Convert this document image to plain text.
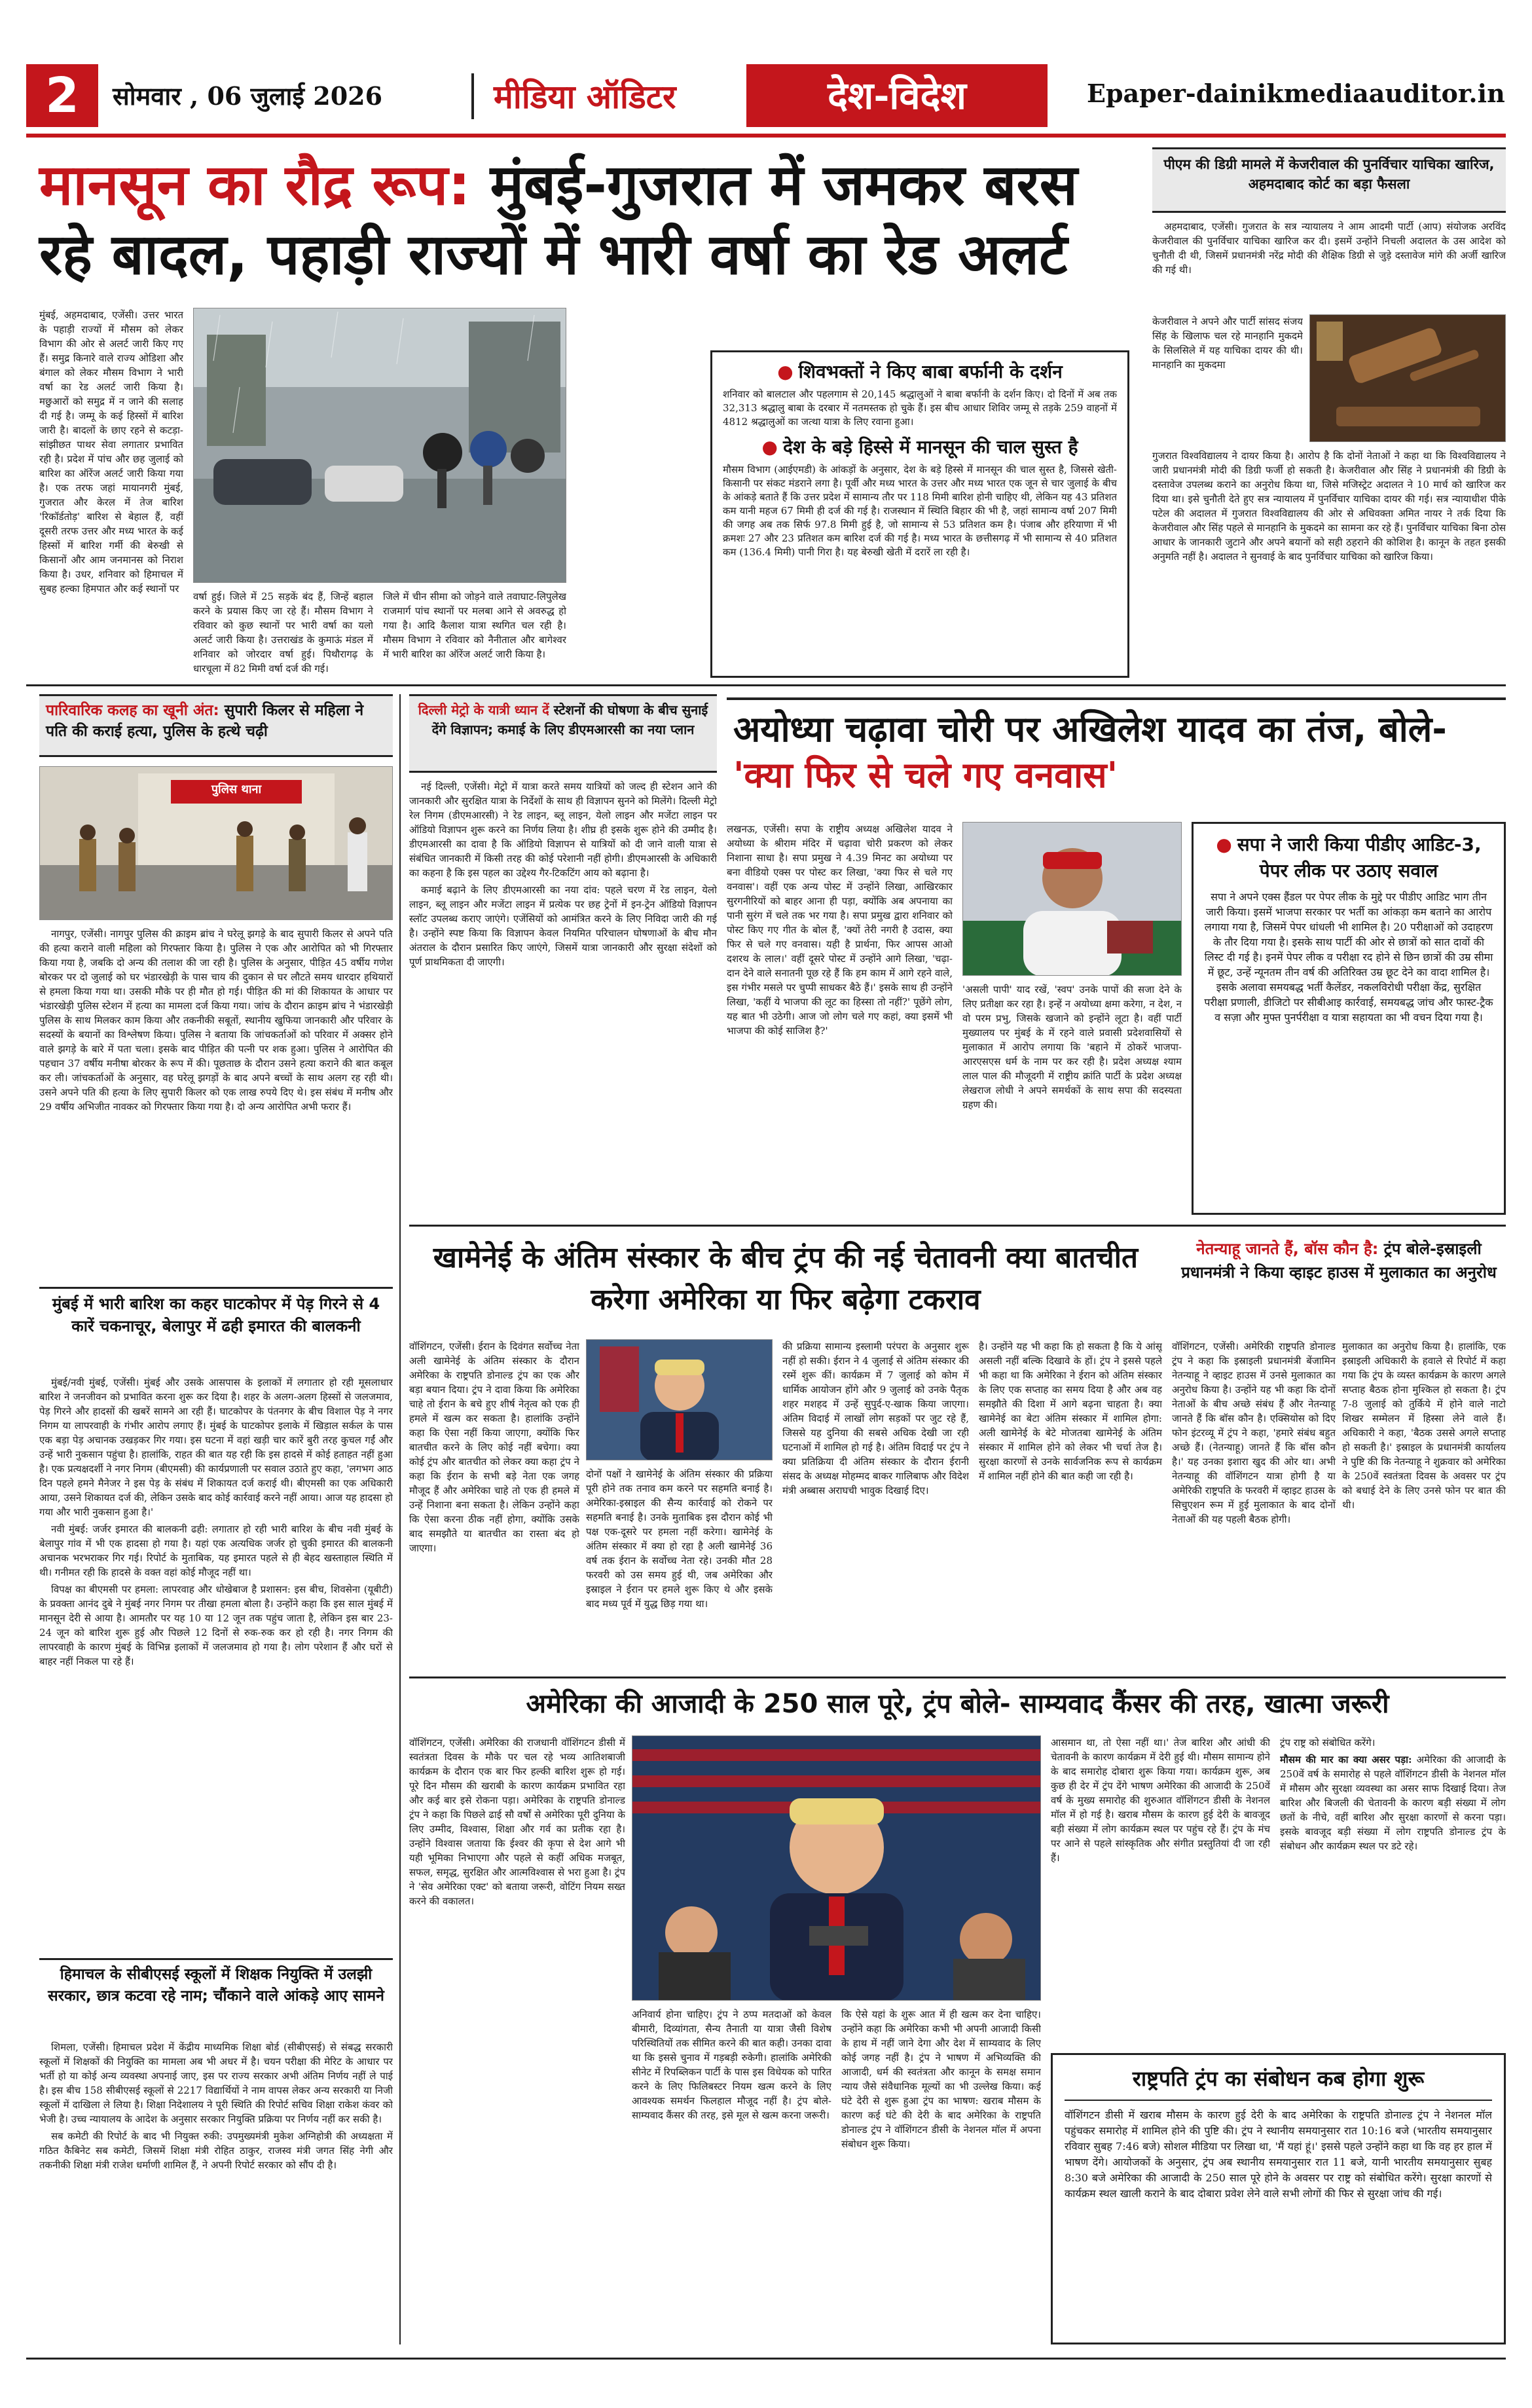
2	सोमवार , 06 जुलाई 2026	मीडिया ऑडिटर	देश-विदेश	Epaper-dainikmediaauditor.in
मानसून का रौद्र रूप: मुंबई-गुजरात में जमकर बरस रहे बादल, पहाड़ी राज्यों में भारी वर्षा का रेड अलर्ट

मुंबई, अहमदाबाद, एजेंसी। उत्तर भारत के पहाड़ी राज्यों में मौसम को लेकर विभाग की ओर से अलर्ट जारी किए गए हैं। समुद्र किनारे वाले राज्य ओडिशा और बंगाल को लेकर मौसम विभाग ने भारी वर्षा का रेड अलर्ट जारी किया है। मछुआरों को समुद्र में न जाने की सलाह दी गई है। जम्मू के कई हिस्सों में बारिश जारी है। बादलों के छाए रहने से कटड़ा-सांझीछत पाथर सेवा लगातार प्रभावित रही है। प्रदेश में पांच और छह जुलाई को बारिश का ऑरेंज अलर्ट जारी किया गया है। एक तरफ जहां मायानगरी मुंबई, गुजरात और केरल में तेज बारिश 'रिकॉर्डतोड़' बारिश से बेहाल हैं, वहीं दूसरी तरफ उत्तर और मध्य भारत के कई हिस्सों में बारिश गर्मी की बेरुखी से किसानों और आम जनमानस को निराश किया है। उधर, शनिवार को हिमाचल में सुबह हल्का हिमपात और कई स्थानों पर

वर्षा हुई। जिले में 25 सड़कें बंद हैं, जिन्हें बहाल करने के प्रयास किए जा रहे हैं। मौसम विभाग ने रविवार को कुछ स्थानों पर भारी वर्षा का यलो अलर्ट जारी किया है। उत्तराखंड के कुमाऊं मंडल में शनिवार को जोरदार वर्षा हुई। पिथौरागढ़ के धारचूला में 82 मिमी वर्षा दर्ज की गई।

जिले में चीन सीमा को जोड़ने वाले तवाघाट-लिपुलेख राजमार्ग पांच स्थानों पर मलबा आने से अवरुद्ध हो गया है। आदि कैलाश यात्रा स्थगित चल रही है। मौसम विभाग ने रविवार को नैनीताल और बागेश्वर में भारी बारिश का ऑरेंज अलर्ट जारी किया है।

● शिवभक्तों ने किए बाबा बर्फानी के दर्शन
शनिवार को बालटाल और पहलगाम से 20,145 श्रद्धालुओं ने बाबा बर्फानी के दर्शन किए। दो दिनों में अब तक 32,313 श्रद्धालु बाबा के दरबार में नतमस्तक हो चुके हैं। इस बीच आधार शिविर जम्मू से तड़के 259 वाहनों में 4812 श्रद्धालुओं का जत्था यात्रा के लिए रवाना हुआ।
● देश के बड़े हिस्से में मानसून की चाल सुस्त है
मौसम विभाग (आईएमडी) के आंकड़ों के अनुसार, देश के बड़े हिस्से में मानसून की चाल सुस्त है, जिससे खेती-किसानी पर संकट मंडराने लगा है। पूर्वी और मध्य भारत के उत्तर और मध्य भारत एक जून से चार जुलाई के बीच के आंकड़े बताते हैं कि उत्तर प्रदेश में सामान्य तौर पर 118 मिमी बारिश होनी चाहिए थी, लेकिन यह 43 प्रतिशत कम यानी महज 67 मिमी ही दर्ज की गई है। राजस्थान में स्थिति बिहार की भी है, जहां सामान्य वर्षा 207 मिमी की जगह अब तक सिर्फ 97.8 मिमी हुई है, जो सामान्य से 53 प्रतिशत कम है। पंजाब और हरियाणा में भी क्रमशः 27 और 23 प्रतिशत कम बारिश दर्ज की गई है। मध्य भारत के छत्तीसगढ़ में भी सामान्य से 40 प्रतिशत कम (136.4 मिमी) पानी गिरा है। यह बेरुखी खेती में दरारें ला रही है।
पीएम की डिग्री मामले में केजरीवाल की पुनर्विचार याचिका खारिज, अहमदाबाद कोर्ट का बड़ा फैसला

अहमदाबाद, एजेंसी। गुजरात के सत्र न्यायालय ने आम आदमी पार्टी (आप) संयोजक अरविंद केजरीवाल की पुनर्विचार याचिका खारिज कर दी। इसमें उन्होंने निचली अदालत के उस आदेश को चुनौती दी थी, जिसमें प्रधानमंत्री नरेंद्र मोदी की शैक्षिक डिग्री से जुड़े दस्तावेज मांगे की अर्जी खारिज की गई थी।

केजरीवाल ने अपने और पार्टी सांसद संजय सिंह के खिलाफ चल रहे मानहानि मुकदमे के सिलसिले में यह याचिका दायर की थी। मानहानि का मुकदमा

गुजरात विश्वविद्यालय ने दायर किया है। आरोप है कि दोनों नेताओं ने कहा था कि विश्वविद्यालय ने जारी प्रधानमंत्री मोदी की डिग्री फर्जी हो सकती है। केजरीवाल और सिंह ने प्रधानमंत्री की डिग्री के दस्तावेज उपलब्ध कराने का अनुरोध किया था, जिसे मजिस्ट्रेट अदालत ने 10 मार्च को खारिज कर दिया था। इसे चुनौती देते हुए सत्र न्यायालय में पुनर्विचार याचिका दायर की गई। सत्र न्यायाधीश पीके पटेल की अदालत में गुजरात विश्वविद्यालय की ओर से अधिवक्ता अमित नायर ने तर्क दिया कि केजरीवाल और सिंह पहले से मानहानि के मुकदमे का सामना कर रहे हैं। पुनर्विचार याचिका बिना ठोस आधार के जानकारी जुटाने और अपने बयानों को सही ठहराने की कोशिश है। कानून के तहत इसकी अनुमति नहीं है। अदालत ने सुनवाई के बाद पुनर्विचार याचिका को खारिज किया।

पारिवारिक कलह का खूनी अंत: सुपारी किलर से महिला ने पति की कराई हत्या, पुलिस के हत्थे चढ़ी
पुलिस थाना

नागपुर, एजेंसी। नागपुर पुलिस की क्राइम ब्रांच ने घरेलू झगड़े के बाद सुपारी किलर से अपने पति की हत्या कराने वाली महिला को गिरफ्तार किया है। पुलिस ने एक और आरोपित को भी गिरफ्तार किया गया है, जबकि दो अन्य की तलाश की जा रही है। पुलिस के अनुसार, पीड़ित 45 वर्षीय गणेश बोरकर पर दो जुलाई को घर भंडारखेड़ी के पास चाय की दुकान से घर लौटते समय धारदार हथियारों से हमला किया गया था। उसकी मौके पर ही मौत हो गई। पीड़ित की मां की शिकायत के आधार पर भंडारखेड़ी पुलिस स्टेशन में हत्या का मामला दर्ज किया गया। जांच के दौरान क्राइम ब्रांच ने भंडारखेड़ी पुलिस के साथ मिलकर काम किया और तकनीकी सबूतों, स्थानीय खुफिया जानकारी और परिवार के सदस्यों के बयानों का विश्लेषण किया। पुलिस ने बताया कि जांचकर्ताओं को परिवार में अक्सर होने वाले झगड़े के बारे में पता चला। इसके बाद पीड़ित की पत्नी पर शक हुआ। पुलिस ने आरोपित की पहचान 37 वर्षीय मनीषा बोरकर के रूप में की। पूछताछ के दौरान उसने हत्या कराने की बात कबूल कर ली। जांचकर्ताओं के अनुसार, वह घरेलू झगड़ों के बाद अपने बच्चों के साथ अलग रह रही थी। उसने अपने पति की हत्या के लिए सुपारी किलर को एक लाख रुपये दिए थे। इस संबंध में मनीष और 29 वर्षीय अभिजीत नावकर को गिरफ्तार किया गया है। दो अन्य आरोपित अभी फरार हैं।

मुंबई में भारी बारिश का कहर घाटकोपर में पेड़ गिरने से 4 कारें चकनाचूर, बेलापुर में ढही इमारत की बालकनी

मुंबई/नवी मुंबई, एजेंसी। मुंबई और उसके आसपास के इलाकों में लगातार हो रही मूसलाधार बारिश ने जनजीवन को प्रभावित करना शुरू कर दिया है। शहर के अलग-अलग हिस्सों से जलजमाव, पेड़ गिरने और हादसों की खबरें सामने आ रही हैं। घाटकोपर के पंतनगर के बीच विशाल पेड़ ने नगर निगम या लापरवाही के गंभीर आरोप लगाए हैं। मुंबई के घाटकोपर इलाके में खिड़ाल सर्कल के पास एक बड़ा पेड़ अचानक उखड़कर गिर गया। इस घटना में वहां खड़ी चार कारें बुरी तरह कुचल गईं और उन्हें भारी नुकसान पहुंचा है। हालांकि, राहत की बात यह रही कि इस हादसे में कोई हताहत नहीं हुआ है। एक प्रत्यक्षदर्शी ने नगर निगम (बीएमसी) की कार्यप्रणाली पर सवाल उठाते हुए कहा, 'लगभग आठ दिन पहले हमने मैनेजर ने इस पेड़ के संबंध में शिकायत दर्ज कराई थी। बीएमसी का एक अधिकारी आया, उसने शिकायत दर्ज की, लेकिन उसके बाद कोई कार्रवाई करने नहीं आया। आज यह हादसा हो गया और भारी नुकसान हुआ है।'

नवी मुंबई: जर्जर इमारत की बालकनी ढही: लगातार हो रही भारी बारिश के बीच नवी मुंबई के बेलापुर गांव में भी एक हादसा हो गया है। यहां एक अत्यधिक जर्जर हो चुकी इमारत की बालकनी अचानक भरभराकर गिर गई। रिपोर्ट के मुताबिक, यह इमारत पहले से ही बेहद खस्ताहाल स्थिति में थी। गनीमत रही कि हादसे के वक्त वहां कोई मौजूद नहीं था।

विपक्ष का बीएमसी पर हमला: लापरवाह और धोखेबाज है प्रशासन: इस बीच, शिवसेना (यूबीटी) के प्रवक्ता आनंद दुबे ने मुंबई नगर निगम पर तीखा हमला बोला है। उन्होंने कहा कि इस साल मुंबई में मानसून देरी से आया है। आमतौर पर यह 10 या 12 जून तक पहुंच जाता है, लेकिन इस बार 23-24 जून को बारिश शुरू हुई और पिछले 12 दिनों से रुक-रुक कर हो रही है। नगर निगम की लापरवाही के कारण मुंबई के विभिन्न इलाकों में जलजमाव हो गया है। लोग परेशान हैं और घरों से बाहर नहीं निकल पा रहे हैं।

हिमाचल के सीबीएसई स्कूलों में शिक्षक नियुक्ति में उलझी सरकार, छात्र कटवा रहे नाम; चौंकाने वाले आंकड़े आए सामने

शिमला, एजेंसी। हिमाचल प्रदेश में केंद्रीय माध्यमिक शिक्षा बोर्ड (सीबीएसई) से संबद्ध सरकारी स्कूलों में शिक्षकों की नियुक्ति का मामला अब भी अधर में है। चयन परीक्षा की मेरिट के आधार पर भर्ती हो या कोई अन्य व्यवस्था अपनाई जाए, इस पर राज्य सरकार अभी अंतिम निर्णय नहीं ले पाई है। इस बीच 158 सीबीएसई स्कूलों से 2217 विद्यार्थियों ने नाम वापस लेकर अन्य सरकारी या निजी स्कूलों में दाखिला ले लिया है। शिक्षा निदेशालय ने पूरी स्थिति की रिपोर्ट सचिव शिक्षा राकेश कंवर को भेजी है। उच्च न्यायालय के आदेश के अनुसार सरकार नियुक्ति प्रक्रिया पर निर्णय नहीं कर सकी है।

सब कमेटी की रिपोर्ट के बाद भी नियुक्त रुकी: उपमुख्यमंत्री मुकेश अग्निहोत्री की अध्यक्षता में गठित कैबिनेट सब कमेटी, जिसमें शिक्षा मंत्री रोहित ठाकुर, राजस्व मंत्री जगत सिंह नेगी और तकनीकी शिक्षा मंत्री राजेश धर्माणी शामिल हैं, ने अपनी रिपोर्ट सरकार को सौंप दी है।

दिल्ली मेट्रो के यात्री ध्यान दें स्टेशनों की घोषणा के बीच सुनाई देंगे विज्ञापन; कमाई के लिए डीएमआरसी का नया प्लान

नई दिल्ली, एजेंसी। मेट्रो में यात्रा करते समय यात्रियों को जल्द ही स्टेशन आने की जानकारी और सुरक्षित यात्रा के निर्देशों के साथ ही विज्ञापन सुनने को मिलेंगे। दिल्ली मेट्रो रेल निगम (डीएमआरसी) ने रेड लाइन, ब्लू लाइन, येलो लाइन और मजेंटा लाइन पर ऑडियो विज्ञापन शुरू करने का निर्णय लिया है। शीघ्र ही इसके शुरू होने की उम्मीद है। डीएमआरसी का दावा है कि ऑडियो विज्ञापन से यात्रियों को दी जाने वाली यात्रा से संबंधित जानकारी में किसी तरह की कोई परेशानी नहीं होगी। डीएमआरसी के अधिकारी का कहना है कि इस पहल का उद्देश्य गैर-टिकटिंग आय को बढ़ाना है।

कमाई बढ़ाने के लिए डीएमआरसी का नया दांव: पहले चरण में रेड लाइन, येलो लाइन, ब्लू लाइन और मजेंटा लाइन में प्रत्येक पर छह ट्रेनों में इन-ट्रेन ऑडियो विज्ञापन स्लॉट उपलब्ध कराए जाएंगे। एजेंसियों को आमंत्रित करने के लिए निविदा जारी की गई है। उन्होंने स्पष्ट किया कि विज्ञापन केवल नियमित परिचालन घोषणाओं के बीच मौन अंतराल के दौरान प्रसारित किए जाएंगे, जिसमें यात्रा जानकारी और सुरक्षा संदेशों को पूर्ण प्राथमिकता दी जाएगी।

अयोध्या चढ़ावा चोरी पर अखिलेश यादव का तंज, बोले- 'क्या फिर से चले गए वनवास'

लखनऊ, एजेंसी। सपा के राष्ट्रीय अध्यक्ष अखिलेश यादव ने अयोध्या के श्रीराम मंदिर में चढ़ावा चोरी प्रकरण को लेकर निशाना साधा है। सपा प्रमुख ने 4.39 मिनट का अयोध्या पर बना वीडियो एक्स पर पोस्ट कर लिखा, 'क्या फिर से चले गए वनवास'। वहीं एक अन्य पोस्ट में उन्होंने लिखा, आखिरकार सुरगनीरियों को बाहर आना ही पड़ा, क्योंकि अब अपनाया का पानी सुरंग में चले तक भर गया है। सपा प्रमुख द्वारा शनिवार को पोस्ट किए गए गीत के बोल हैं, 'क्यों तेरी नगरी है उदास, क्या फिर से चले गए वनवास। यही है प्रार्थना, फिर आपस आओ दशरथ के लाल।' वहीं दूसरे पोस्ट में उन्होंने आगे लिखा, 'चढ़ा-दान देने वाले सनातनी पूछ रहे हैं कि हम काम में आगे रहने वाले, इस गंभीर मसले पर चुप्पी साधकर बैठे हैं।' इसके साथ ही उन्होंने लिखा, 'कहीं ये भाजपा की लूट का हिस्सा तो नहीं?' पूछेंगे लोग, यह बात भी उठेगी। आज जो लोग चले गए कहां, क्या इसमें भी भाजपा की कोई साजिश है?'

'असली पापी' याद रखें, 'स्वप' उनके पापों की सजा देने के लिए प्रतीक्षा कर रहा है। इन्हें न अयोध्या क्षमा करेगा, न देश, न वो परम प्रभु, जिसके खजाने को इन्होंने लूटा है। वहीं पार्टी मुख्यालय पर मुंबई के में रहने वाले प्रवासी प्रदेशवासियों से मुलाकात में आरोप लगाया कि 'बहाने में ठोकरें भाजपा-आरएसएस धर्म के नाम पर कर रही है। प्रदेश अध्यक्ष श्याम लाल पाल की मौजूदगी में राष्ट्रीय क्रांति पार्टी के प्रदेश अध्यक्ष लेखराज लोधी ने अपने समर्थकों के साथ सपा की सदस्यता ग्रहण की।

● सपा ने जारी किया पीडीए आडिट-3, पेपर लीक पर उठाए सवाल
सपा ने अपने एक्स हैंडल पर पेपर लीक के मुद्दे पर पीडीए आडिट भाग तीन जारी किया। इसमें भाजपा सरकार पर भर्ती का आंकड़ा कम बताने का आरोप लगाया गया है, जिसमें पेपर धांधली भी शामिल है। 20 परीक्षाओं को उदाहरण के तौर दिया गया है। इसके साथ पार्टी की ओर से छात्रों को सात दावों की लिस्ट दी गई है। इनमें पेपर लीक व परीक्षा रद होने से छिन छात्रों की उम्र सीमा में छूट, उन्हें न्यूनतम तीन वर्ष की अतिरिक्त उम्र छूट देने का वादा शामिल है। इसके अलावा समयबद्ध भर्ती कैलेंडर, नकलविरोधी परीक्षा केंद्र, सुरक्षित परीक्षा प्रणाली, डीजिटो पर सीबीआइ कार्रवाई, समयबद्ध जांच और फास्ट-ट्रैक व सज़ा और मुफ्त पुनर्परीक्षा व यात्रा सहायता का भी वचन दिया गया है।
खामेनेई के अंतिम संस्कार के बीच ट्रंप की नई चेतावनी क्या बातचीत करेगा अमेरिका या फिर बढ़ेगा टकराव

वॉशिंगटन, एजेंसी। ईरान के दिवंगत सर्वोच्च नेता अली खामेनेई के अंतिम संस्कार के दौरान अमेरिका के राष्ट्रपति डोनाल्ड ट्रंप का एक और बड़ा बयान दिया। ट्रंप ने दावा किया कि अमेरिका चाहे तो ईरान के बचे हुए शीर्ष नेतृत्व को एक ही हमले में खत्म कर सकता है। हालांकि उन्होंने कहा कि ऐसा नहीं किया जाएगा, क्योंकि फिर बातचीत करने के लिए कोई नहीं बचेगा। क्या कोई ट्रंप और बातचीत को लेकर क्या कहा ट्रंप ने कहा कि ईरान के सभी बड़े नेता एक जगह मौजूद हैं और अमेरिका चाहे तो एक ही हमले में उन्हें निशाना बना सकता है। लेकिन उन्होंने कहा कि ऐसा करना ठीक नहीं होगा, क्योंकि उसके बाद समझौते या बातचीत का रास्ता बंद हो जाएगा।

दोनों पक्षों ने खामेनेई के अंतिम संस्कार की प्रक्रिया पूरी होने तक तनाव कम करने पर सहमति बनाई है। अमेरिका-इस्राइल की सैन्य कार्रवाई को रोकने पर सहमति बनाई है। उनके मुताबिक इस दौरान कोई भी पक्ष एक-दूसरे पर हमला नहीं करेगा। खामेनेई के अंतिम संस्कार में क्या हो रहा है अली खामेनेई 36 वर्ष तक ईरान के सर्वोच्च नेता रहे। उनकी मौत 28 फरवरी को उस समय हुई थी, जब अमेरिका और इस्राइल ने ईरान पर हमले शुरू किए थे और इसके बाद मध्य पूर्व में युद्ध छिड़ गया था।

की प्रक्रिया सामान्य इस्लामी परंपरा के अनुसार शुरू नहीं हो सकी। ईरान ने 4 जुलाई से अंतिम संस्कार की रस्में शुरू कीं। कार्यक्रम में 7 जुलाई को कोम में धार्मिक आयोजन होंगे और 9 जुलाई को उनके पैतृक शहर मशहद में उन्हें सुपुर्द-ए-खाक किया जाएगा। अंतिम विदाई में लाखों लोग सड़कों पर जुट रहे हैं, जिससे यह दुनिया की सबसे अधिक देखी जा रही घटनाओं में शामिल हो गई है। अंतिम विदाई पर ट्रंप ने क्या प्रतिक्रिया दी अंतिम संस्कार के दौरान ईरानी संसद के अध्यक्ष मोहम्मद बाकर गालिबाफ और विदेश मंत्री अब्बास अराघची भावुक दिखाई दिए।

है। उन्होंने यह भी कहा कि हो सकता है कि ये आंसू असली नहीं बल्कि दिखावे के हों। ट्रंप ने इससे पहले भी कहा था कि अमेरिका ने ईरान को अंतिम संस्कार के लिए एक सप्ताह का समय दिया है और अब वह समझौते की दिशा में आगे बढ़ना चाहता है। क्या खामेनेई का बेटा अंतिम संस्कार में शामिल होगा: अली खामेनेई के बेटे मोजतबा खामेनेई के अंतिम संस्कार में शामिल होने को लेकर भी चर्चा तेज है। सुरक्षा कारणों से उनके सार्वजनिक रूप से कार्यक्रम में शामिल नहीं होने की बात कही जा रही है।

नेतन्याहू जानते हैं, बॉस कौन है: ट्रंप बोले-इस्राइली प्रधानमंत्री ने किया व्हाइट हाउस में मुलाकात का अनुरोध

वॉशिंगटन, एजेंसी। अमेरिकी राष्ट्रपति डोनाल्ड ट्रंप ने कहा कि इस्राइली प्रधानमंत्री बेंजामिन नेतन्याहू ने व्हाइट हाउस में उनसे मुलाकात का अनुरोध किया है। उन्होंने यह भी कहा कि दोनों नेताओं के बीच अच्छे संबंध हैं और नेतन्याहू जानते हैं कि बॉस कौन है। एक्सियोस को दिए फोन इंटरव्यू में ट्रंप ने कहा, 'हमारे संबंध बहुत अच्छे हैं। (नेतन्याहू) जानते हैं कि बॉस कौन है।' यह उनका इशारा खुद की ओर था। अभी नेतन्याहू की वॉशिंगटन यात्रा होगी है या अमेरिकी राष्ट्रपति के फरवरी में व्हाइट हाउस के सिचुएशन रूम में हुई मुलाकात के बाद दोनों नेताओं की यह पहली बैठक होगी।

मुलाकात का अनुरोध किया है। हालांकि, एक इस्राइली अधिकारी के हवाले से रिपोर्ट में कहा गया कि ट्रंप के व्यस्त कार्यक्रम के कारण अगले सप्ताह बैठक होना मुश्किल हो सकता है। ट्रंप 7-8 जुलाई को तुर्किये में होने वाले नाटो शिखर सम्मेलन में हिस्सा लेने वाले हैं। अधिकारी ने कहा, 'बैठक उससे अगले सप्ताह हो सकती है।' इस्राइल के प्रधानमंत्री कार्यालय ने पुष्टि की कि नेतन्याहू ने शुक्रवार को अमेरिका के 250वें स्वतंत्रता दिवस के अवसर पर ट्रंप को बधाई देने के लिए उनसे फोन पर बात की थी।

अमेरिका की आजादी के 250 साल पूरे, ट्रंप बोले- साम्यवाद कैंसर की तरह, खात्मा जरूरी

वॉशिंगटन, एजेंसी। अमेरिका की राजधानी वॉशिंगटन डीसी में स्वतंत्रता दिवस के मौके पर चल रहे भव्य आतिशबाजी कार्यक्रम के दौरान एक बार फिर हल्की बारिश शुरू हो गई। पूरे दिन मौसम की खराबी के कारण कार्यक्रम प्रभावित रहा और कई बार इसे रोकना पड़ा। अमेरिका के राष्ट्रपति डोनाल्ड ट्रंप ने कहा कि पिछले ढाई सौ वर्षों से अमेरिका पूरी दुनिया के लिए उम्मीद, विश्वास, शिक्षा और गर्व का प्रतीक रहा है। उन्होंने विश्वास जताया कि ईश्वर की कृपा से देश आगे भी यही भूमिका निभाएगा और पहले से कहीं अधिक मजबूत, सफल, समृद्ध, सुरक्षित और आत्मविश्वास से भरा हुआ है। ट्रंप ने 'सेव अमेरिका एक्ट' को बताया जरूरी, वोटिंग नियम सख्त करने की वकालत।

अनिवार्य होना चाहिए। ट्रंप ने ठप्प मतदाओं को केवल बीमारी, दिव्यांगता, सैन्य तैनाती या यात्रा जैसी विशेष परिस्थितियों तक सीमित करने की बात कही। उनका दावा था कि इससे चुनाव में गड़बड़ी रुकेगी। हालांकि अमेरिकी सीनेट में रिपब्लिकन पार्टी के पास इस विधेयक को पारित करने के लिए फिलिबस्टर नियम खत्म करने के लिए आवश्यक समर्थन फिलहाल मौजूद नहीं है। ट्रंप बोले- साम्यवाद कैंसर की तरह, इसे मूल से खत्म करना जरूरी।

कि ऐसे यहां के शुरू आत में ही खत्म कर देना चाहिए। उन्होंने कहा कि अमेरिका कभी भी अपनी आजादी किसी के हाथ में नहीं जाने देगा और देश में साम्यवाद के लिए कोई जगह नहीं है। ट्रंप ने भाषण में अभिव्यक्ति की आजादी, धर्म की स्वतंत्रता और कानून के समक्ष समान न्याय जैसे संवैधानिक मूल्यों का भी उल्लेख किया। कई घंटे देरी से शुरू हुआ ट्रंप का भाषण: खराब मौसम के कारण कई घंटे की देरी के बाद अमेरिका के राष्ट्रपति डोनाल्ड ट्रंप ने वॉशिंगटन डीसी के नेशनल मॉल में अपना संबोधन शुरू किया।

आसमान था, तो ऐसा नहीं था।' तेज बारिश और आंधी की चेतावनी के कारण कार्यक्रम में देरी हुई थी। मौसम सामान्य होने के बाद समारोह दोबारा शुरू किया गया। कार्यक्रम शुरू, अब कुछ ही देर में ट्रंप देंगे भाषण अमेरिका की आजादी के 250वें वर्ष के मुख्य समारोह की शुरुआत वॉशिंगटन डीसी के नेशनल मॉल में हो गई है। खराब मौसम के कारण हुई देरी के बावजूद बड़ी संख्या में लोग कार्यक्रम स्थल पर पहुंच रहे हैं। ट्रंप के मंच पर आने से पहले सांस्कृतिक और संगीत प्रस्तुतियां दी जा रही हैं।

ट्रंप राष्ट्र को संबोधित करेंगे।

मौसम की मार का क्या असर पड़ा: अमेरिका की आजादी के 250वें वर्ष के समारोह से पहले वॉशिंगटन डीसी के नेशनल मॉल में मौसम और सुरक्षा व्यवस्था का असर साफ दिखाई दिया। तेज बारिश और बिजली की चेतावनी के कारण बड़ी संख्या में लोग छतों के नीचे, वहीं बारिश और सुरक्षा कारणों से करना पड़ा। इसके बावजूद बड़ी संख्या में लोग राष्ट्रपति डोनाल्ड ट्रंप के संबोधन और कार्यक्रम स्थल पर डटे रहे।

राष्ट्रपति ट्रंप का संबोधन कब होगा शुरू
वॉशिंगटन डीसी में खराब मौसम के कारण हुई देरी के बाद अमेरिका के राष्ट्रपति डोनाल्ड ट्रंप ने नेशनल मॉल पहुंचकर समारोह में शामिल होने की पुष्टि की। ट्रंप ने स्थानीय समयानुसार रात 10:16 बजे (भारतीय समयानुसार रविवार सुबह 7:46 बजे) सोशल मीडिया पर लिखा था, 'मैं यहां हूं।' इससे पहले उन्होंने कहा था कि वह हर हाल में भाषण देंगे। आयोजकों के अनुसार, ट्रंप अब स्थानीय समयानुसार रात 11 बजे, यानी भारतीय समयानुसार सुबह 8:30 बजे अमेरिका की आजादी के 250 साल पूरे होने के अवसर पर राष्ट्र को संबोधित करेंगे। सुरक्षा कारणों से कार्यक्रम स्थल खाली कराने के बाद दोबारा प्रवेश लेने वाले सभी लोगों की फिर से सुरक्षा जांच की गई।
